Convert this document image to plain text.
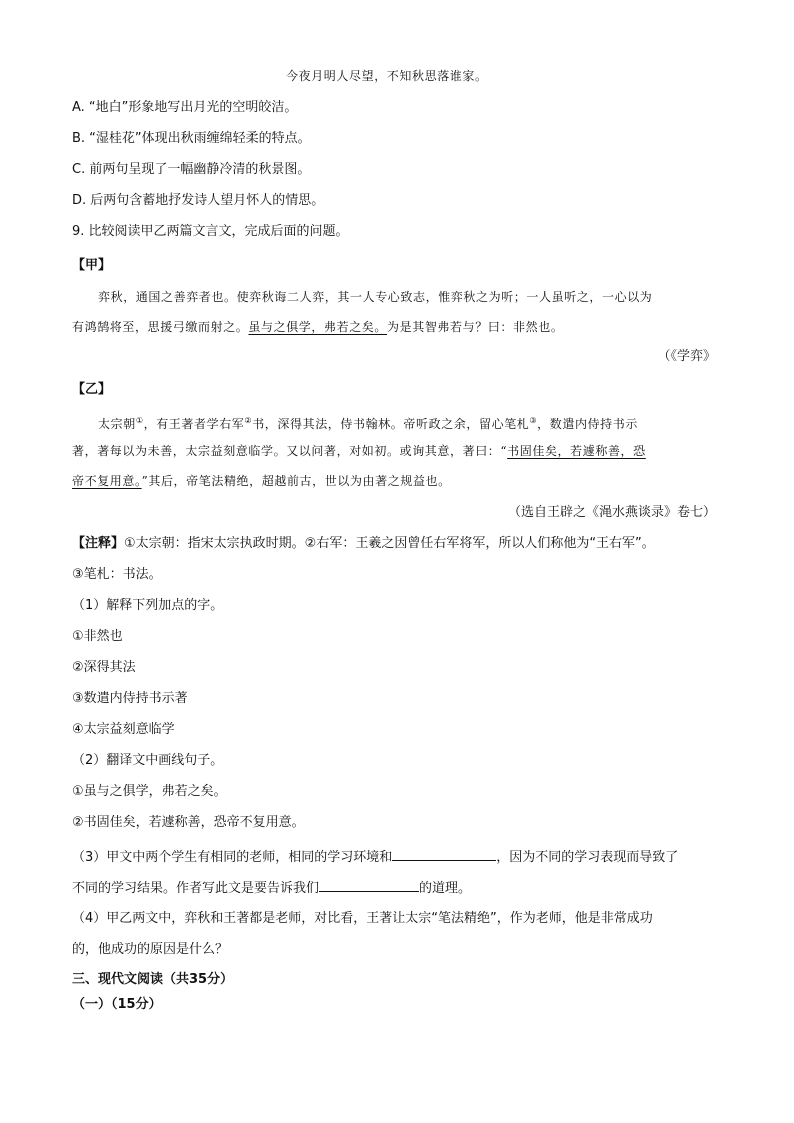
今夜月明人尽望，不知秋思落谁家。
A. “地白”形象地写出月光的空明皎洁。
B. “湿桂花”体现出秋雨缠绵轻柔的特点。
C. 前两句呈现了一幅幽静冷清的秋景图。
D. 后两句含蓄地抒发诗人望月怀人的情思。
9. 比较阅读甲乙两篇文言文，完成后面的问题。
【甲】
弈秋，通国之善弈者也。使弈秋诲二人弈，其一人专心致志，惟弈秋之为听；一人虽听之，一心以为
有鸿鹄将至，思援弓缴而射之。虽与之俱学，弗若之矣。为是其智弗若与？曰：非然也。
（《学弈》
【乙】
太宗朝①，有王著者学右军②书，深得其法，侍书翰林。帝听政之余，留心笔札③，数遣内侍持书示
著，著每以为未善，太宗益刻意临学。又以问著，对如初。或询其意，著曰：“书固佳矣，若遽称善，恐
帝不复用意。”其后，帝笔法精绝，超越前古，世以为由著之规益也。
（选自王辟之《渑水燕谈录》卷七）
【注释】①太宗朝：指宋太宗执政时期。②右军：王羲之因曾任右军将军，所以人们称他为“王右军”。
③笔札：书法。
（1）解释下列加点的字。
①非然也
②深得其法
③数遣内侍持书示著
④太宗益刻意临学
（2）翻译文中画线句子。
①虽与之俱学，弗若之矣。
②书固佳矣，若遽称善，恐帝不复用意。
（3）甲文中两个学生有相同的老师，相同的学习环境和	，因为不同的学习表现而导致了
不同的学习结果。作者写此文是要告诉我们	的道理。
（4）甲乙两文中，弈秋和王著都是老师，对比看，王著让太宗“笔法精绝”，作为老师，他是非常成功
的，他成功的原因是什么？
三、现代文阅读（共35分）
（一）（15分）
